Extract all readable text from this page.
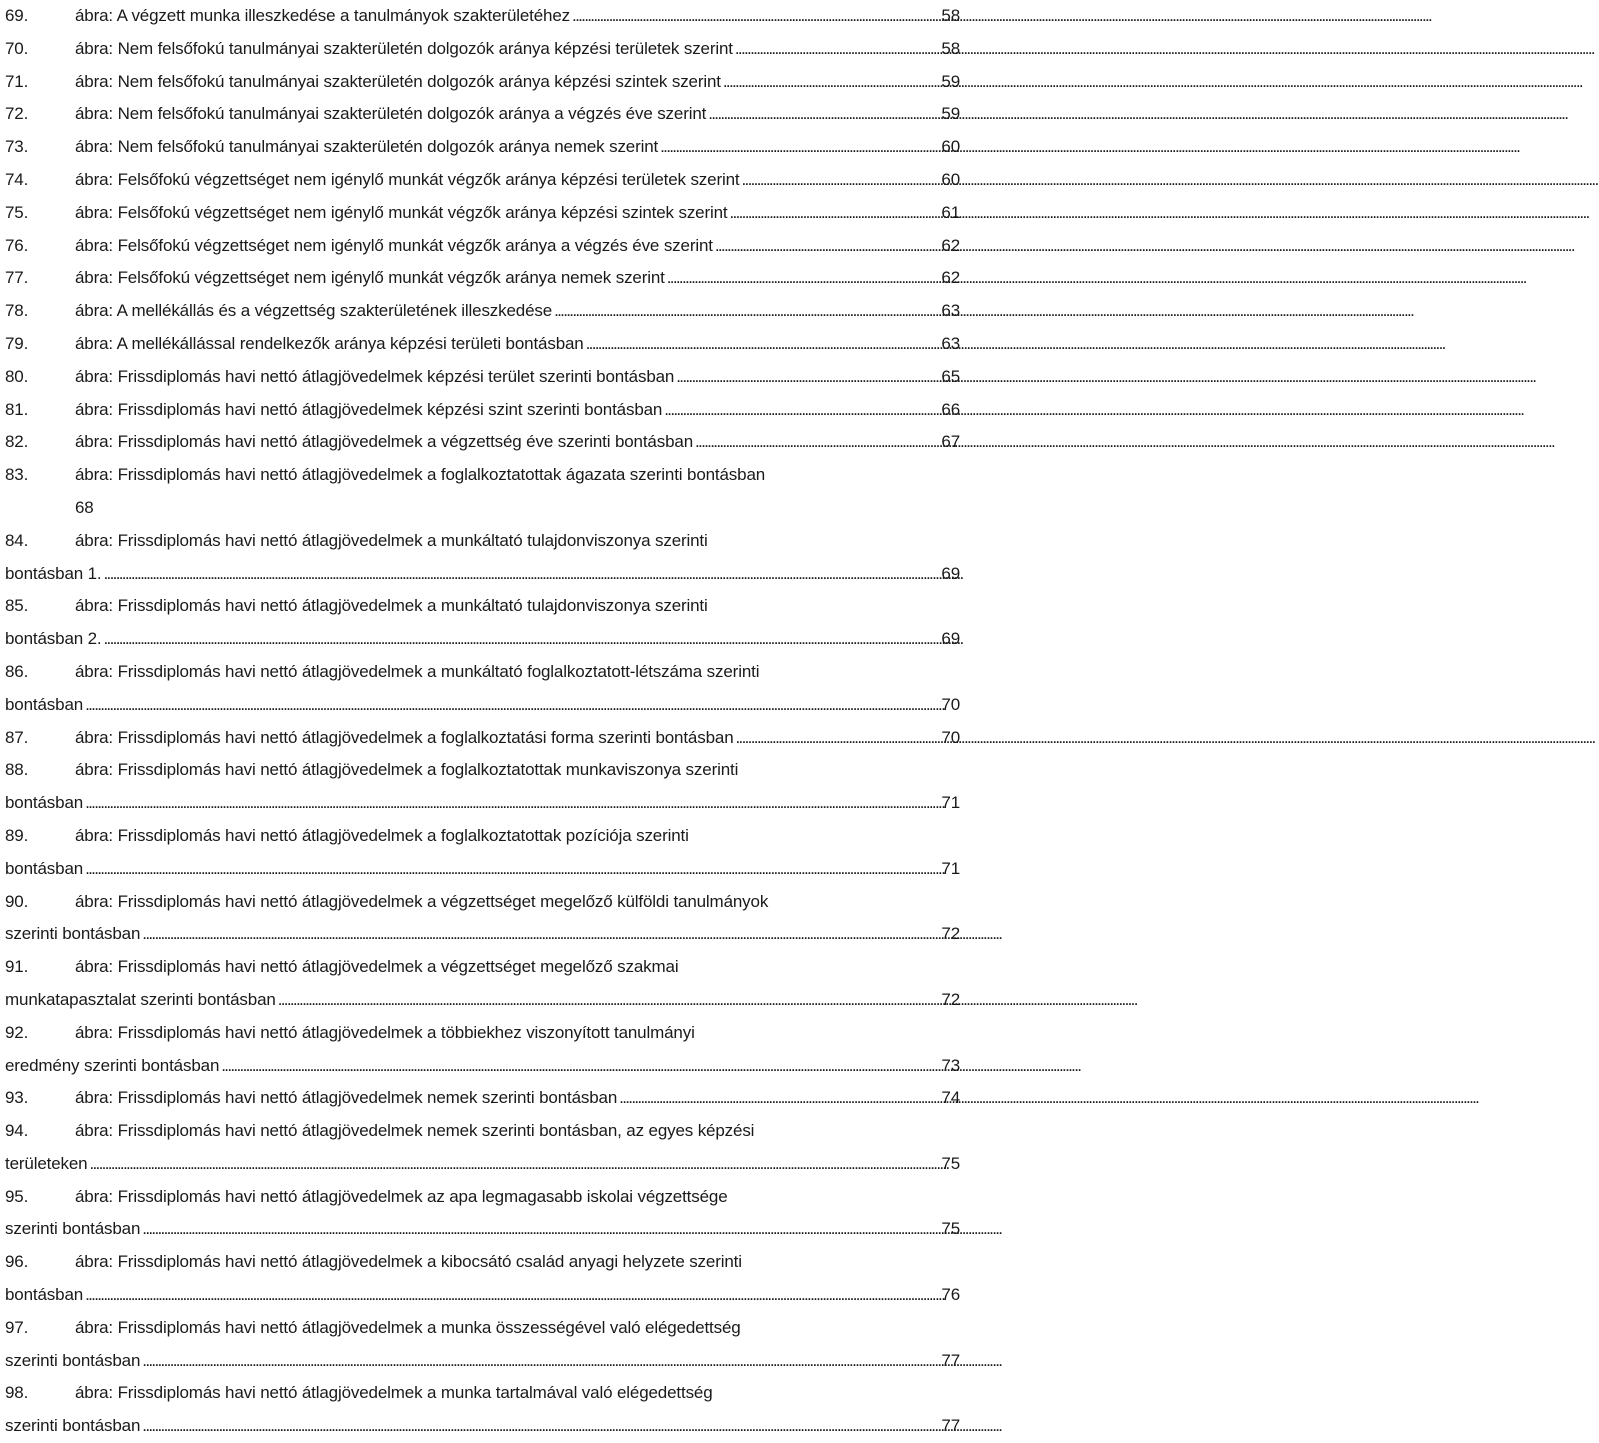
69.	ábra: A végzett munka illeszkedése a tanulmányok szakterületéhez . . .	58
70.	ábra: Nem felsőfokú tanulmányai szakterületén dolgozók aránya képzési területek szerint . . .	58
71.	ábra: Nem felsőfokú tanulmányai szakterületén dolgozók aránya képzési szintek szerint . . .	59
72.	ábra: Nem felsőfokú tanulmányai szakterületén dolgozók aránya a végzés éve szerint . . .	59
73.	ábra: Nem felsőfokú tanulmányai szakterületén dolgozók aránya nemek szerint . . .	60
74.	ábra: Felsőfokú végzettséget nem igénylő munkát végzők aránya képzési területek szerint . . .	60
75.	ábra: Felsőfokú végzettséget nem igénylő munkát végzők aránya képzési szintek szerint . . .	61
76.	ábra: Felsőfokú végzettséget nem igénylő munkát végzők aránya a végzés éve szerint . . .	62
77.	ábra: Felsőfokú végzettséget nem igénylő munkát végzők aránya nemek szerint . . .	62
78.	ábra: A mellékállás és a végzettség szakterületének illeszkedése . . .	63
79.	ábra: A mellékállással rendelkezők aránya képzési területi bontásban . . .	63
80.	ábra: Frissdiplomás havi nettó átlagjövedelmek képzési terület szerinti bontásban . . .	65
81.	ábra: Frissdiplomás havi nettó átlagjövedelmek képzési szint szerinti bontásban . . .	66
82.	ábra: Frissdiplomás havi nettó átlagjövedelmek a végzettség éve szerinti bontásban . . .	67
83.	ábra: Frissdiplomás havi nettó átlagjövedelmek a foglalkoztatottak ágazata szerinti bontásban
68
84.	ábra: Frissdiplomás havi nettó átlagjövedelmek a munkáltató tulajdonviszonya szerinti
bontásban 1. . . .	69
85.	ábra: Frissdiplomás havi nettó átlagjövedelmek a munkáltató tulajdonviszonya szerinti
bontásban 2. . . .	69
86.	ábra: Frissdiplomás havi nettó átlagjövedelmek a munkáltató foglalkoztatott-létszáma szerinti
bontásban . . .	70
87.	ábra: Frissdiplomás havi nettó átlagjövedelmek a foglalkoztatási forma szerinti bontásban . . .	70
88.	ábra: Frissdiplomás havi nettó átlagjövedelmek a foglalkoztatottak munkaviszonya szerinti
bontásban . . .	71
89.	ábra: Frissdiplomás havi nettó átlagjövedelmek a foglalkoztatottak pozíciója szerinti
bontásban . . .	71
90.	ábra: Frissdiplomás havi nettó átlagjövedelmek a végzettséget megelőző külföldi tanulmányok
szerinti bontásban . . .	72
91.	ábra: Frissdiplomás havi nettó átlagjövedelmek a végzettséget megelőző szakmai
munkatapasztalat szerinti bontásban . . .	72
92.	ábra: Frissdiplomás havi nettó átlagjövedelmek a többiekhez viszonyított tanulmányi
eredmény szerinti bontásban . . .	73
93.	ábra: Frissdiplomás havi nettó átlagjövedelmek nemek szerinti bontásban . . .	74
94.	ábra: Frissdiplomás havi nettó átlagjövedelmek nemek szerinti bontásban, az egyes képzési
területeken . . .	75
95.	ábra: Frissdiplomás havi nettó átlagjövedelmek az apa legmagasabb iskolai végzettsége
szerinti bontásban . . .	75
96.	ábra: Frissdiplomás havi nettó átlagjövedelmek a kibocsátó család anyagi helyzete szerinti
bontásban . . .	76
97.	ábra: Frissdiplomás havi nettó átlagjövedelmek a munka összességével való elégedettség
szerinti bontásban . . .	77
98.	ábra: Frissdiplomás havi nettó átlagjövedelmek a munka tartalmával való elégedettség
szerinti bontásban . . .	77
